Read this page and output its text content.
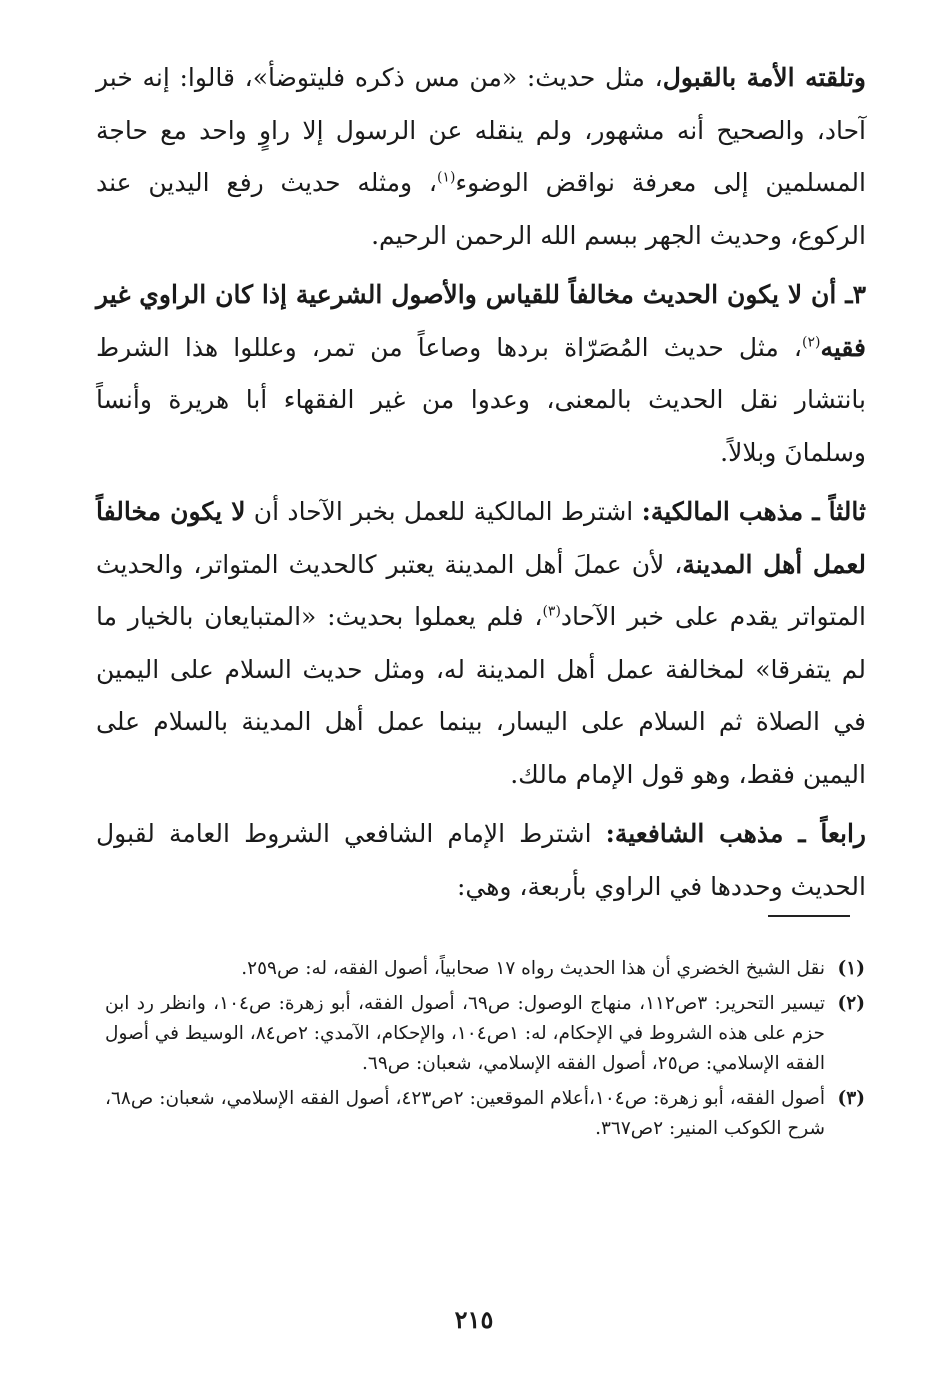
وتلقته الأمة بالقبول، مثل حديث: «من مس ذكره فليتوضأ»، قالوا: إنه خبر آحاد، والصحيح أنه مشهور، ولم ينقله عن الرسول إلا راوٍ واحد مع حاجة المسلمين إلى معرفة نواقض الوضوء$^{(١)}$، ومثله حديث رفع اليدين عند الركوع، وحديث الجهر ببسم الله الرحمن الرحيم.

٣ـ أن لا يكون الحديث مخالفاً للقياس والأصول الشرعية إذا كان الراوي غير فقيه$^{(٢)}$، مثل حديث المُصَرّاة بردها وصاعاً من تمر، وعللوا هذا الشرط بانتشار نقل الحديث بالمعنى، وعدوا من غير الفقهاء أبا هريرة وأنساً وسلمانَ وبلالاً.

ثالثاً ـ مذهب المالكية: اشترط المالكية للعمل بخبر الآحاد أن لا يكون مخالفاً لعمل أهل المدينة، لأن عملَ أهل المدينة يعتبر كالحديث المتواتر، والحديث المتواتر يقدم على خبر الآحاد$^{(٣)}$، فلم يعملوا بحديث: «المتبايعان بالخيار ما لم يتفرقا» لمخالفة عمل أهل المدينة له، ومثل حديث السلام على اليمين في الصلاة ثم السلام على اليسار، بينما عمل أهل المدينة بالسلام على اليمين فقط، وهو قول الإمام مالك.

رابعاً ـ مذهب الشافعية: اشترط الإمام الشافعي الشروط العامة لقبول الحديث وحددها في الراوي بأربعة، وهي:

(١)
نقل الشيخ الخضري أن هذا الحديث رواه ١٧ صحابياً، أصول الفقه، له: ص٢٥٩.
(٢)
تيسير التحرير: ٣ص١١٢، منهاج الوصول: ص٦٩، أصول الفقه، أبو زهرة: ص١٠٤، وانظر رد ابن حزم على هذه الشروط في الإحكام، له: ١ص١٠٤، والإحكام، الآمدي: ٢ص٨٤، الوسيط في أصول الفقه الإسلامي: ص٢٥، أصول الفقه الإسلامي، شعبان: ص٦٩.
(٣)
أصول الفقه، أبو زهرة: ص١٠٤،أعلام الموقعين: ٢ص٤٢٣، أصول الفقه الإسلامي، شعبان: ص٦٨، شرح الكوكب المنير: ٢ص٣٦٧.
٢١٥
